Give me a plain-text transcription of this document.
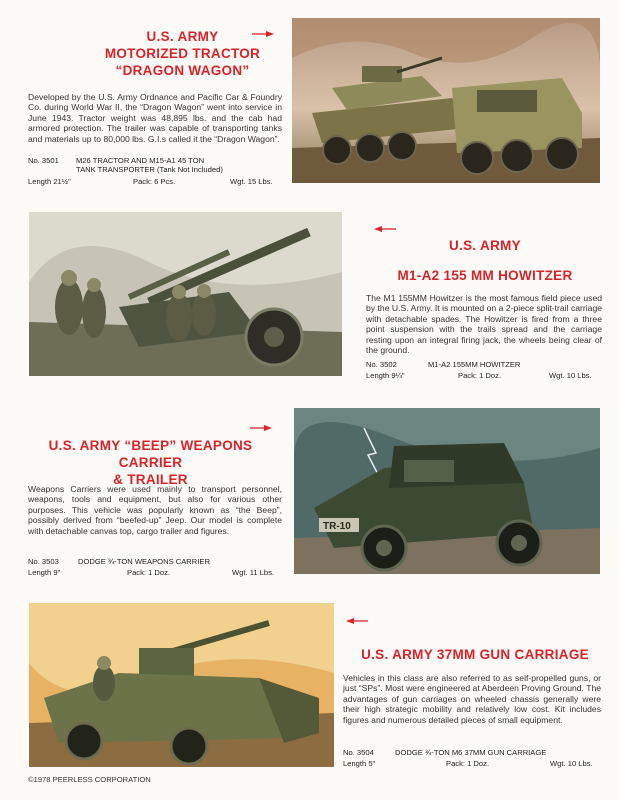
U.S. ARMY
MOTORIZED TRACTOR
“DRAGON WAGON”
Developed by the U.S. Army Ordnance and Pacific Car & Foundry Co. during World War II, the “Dragon Wagon” went into service in June 1943. Tractor weight was 48,895 lbs. and the cab had armored protection. The trailer was capable of transporting tanks and materials up to 80,000 lbs. G.I.s called it the “Dragon Wagon”.
No. 3501 M26 TRACTOR AND M15-A1 45 TON
TANK TRANSPORTER (Tank Not Included)
Length 21½"	Pack: 6 Pcs.	Wgt. 15 Lbs.
U.S. ARMY
M1-A2 155 MM HOWITZER
The M1 155MM Howitzer is the most famous field piece used by the U.S. Army. It is mounted on a 2-piece split-trail carriage with detachable spades. The Howitzer is fired from a three point suspension with the trails spread and the carriage resting upon an integral firing jack, the wheels being clear of the ground.
No. 3502	M1-A2 155MM HOWITZER
Length 9¼"	Pack: 1 Doz.	Wgt. 10 Lbs.
U.S. ARMY “BEEP” WEAPONS CARRIER
& TRAILER
Weapons Carriers were used mainly to transport personnel, weapons, tools and equipment, but also for various other purposes. This vehicle was popularly known as “the Beep”, possibly derived from “beefed-up” Jeep. Our model is complete with detachable canvas top, cargo trailer and figures.
No. 3503	DODGE ¾-TON WEAPONS CARRIER
Length 9"	Pack: 1 Doz.	Wgt. 11 Lbs.
TR-10
U.S. ARMY 37MM GUN CARRIAGE
Vehicles in this class are also referred to as self-propelled guns, or just “SPs”. Most were engineered at Aberdeen Proving Ground. The advantages of gun carriages on wheeled chassis generally were their high strategic mobility and relatively low cost. Kit includes figures and numerous detailed pieces of small equipment.
No. 3504	DODGE ¾-TON M6 37MM GUN CARRIAGE
Length 5"	Pack: 1 Doz.	Wgt. 10 Lbs.
©1978 PEERLESS CORPORATION
